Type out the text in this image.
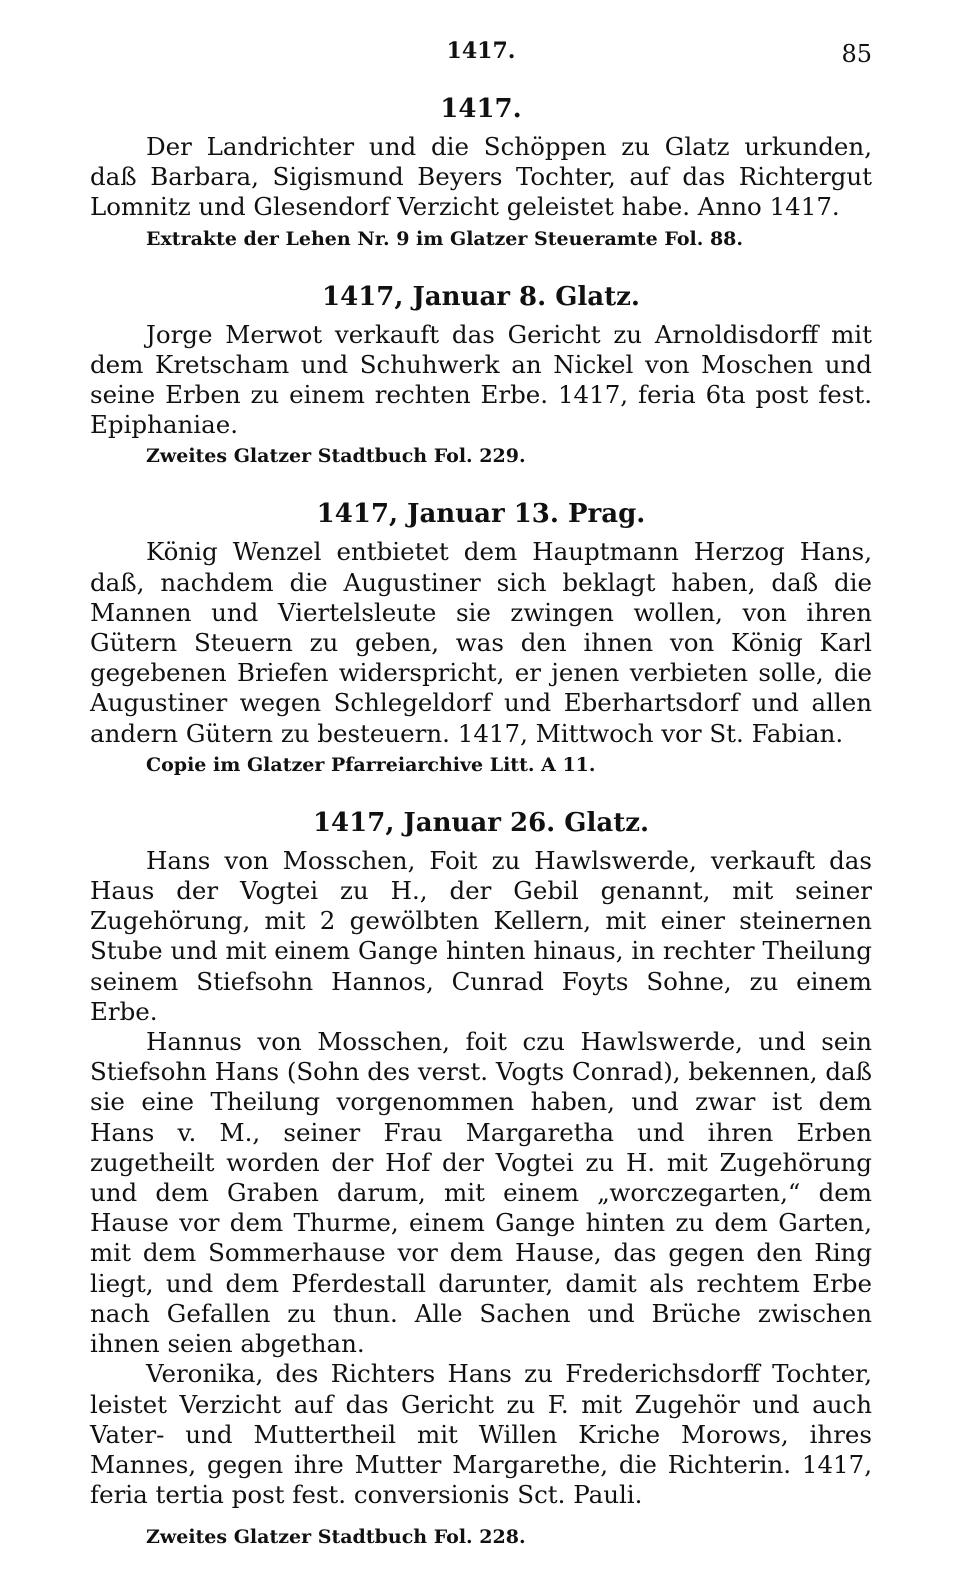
1417.	85
1417.

Der Landrichter und die Schöppen zu Glatz urkunden, daß Barbara, Sigismund Beyers Tochter, auf das Richtergut Lomnitz und Glesendorf Verzicht geleistet habe. Anno 1417.

Extrakte der Lehen Nr. 9 im Glatzer Steueramte Fol. 88.

1417, Januar 8. Glatz.

Jorge Merwot verkauft das Gericht zu Arnoldisdorff mit dem Kretscham und Schuhwerk an Nickel von Moschen und seine Erben zu einem rechten Erbe. 1417, feria 6ta post fest. Epiphaniae.

Zweites Glatzer Stadtbuch Fol. 229.

1417, Januar 13. Prag.

König Wenzel entbietet dem Hauptmann Herzog Hans, daß, nachdem die Augustiner sich beklagt haben, daß die Mannen und Viertelsleute sie zwingen wollen, von ihren Gütern Steuern zu geben, was den ihnen von König Karl gegebenen Briefen widerspricht, er jenen verbieten solle, die Augustiner wegen Schlegeldorf und Eberhartsdorf und allen andern Gütern zu besteuern. 1417, Mittwoch vor St. Fabian.

Copie im Glatzer Pfarreiarchive Litt. A 11.

1417, Januar 26. Glatz.

Hans von Mosschen, Foit zu Hawlswerde, verkauft das Haus der Vogtei zu H., der Gebil genannt, mit seiner Zugehörung, mit 2 gewölbten Kellern, mit einer steinernen Stube und mit einem Gange hinten hinaus, in rechter Theilung seinem Stiefsohn Hannos, Cunrad Foyts Sohne, zu einem Erbe.

Hannus von Mosschen, foit czu Hawlswerde, und sein Stiefsohn Hans (Sohn des verst. Vogts Conrad), bekennen, daß sie eine Theilung vorgenommen haben, und zwar ist dem Hans v. M., seiner Frau Margaretha und ihren Erben zugetheilt worden der Hof der Vogtei zu H. mit Zugehörung und dem Graben darum, mit einem „worczegarten,“ dem Hause vor dem Thurme, einem Gange hinten zu dem Garten, mit dem Sommerhause vor dem Hause, das gegen den Ring liegt, und dem Pferdestall darunter, damit als rechtem Erbe nach Gefallen zu thun. Alle Sachen und Brüche zwischen ihnen seien abgethan.

Veronika, des Richters Hans zu Frederichsdorff Tochter, leistet Verzicht auf das Gericht zu F. mit Zugehör und auch Vater- und Muttertheil mit Willen Kriche Morows, ihres Mannes, gegen ihre Mutter Margarethe, die Richterin. 1417, feria tertia post fest. conversionis Sct. Pauli.

Zweites Glatzer Stadtbuch Fol. 228.
